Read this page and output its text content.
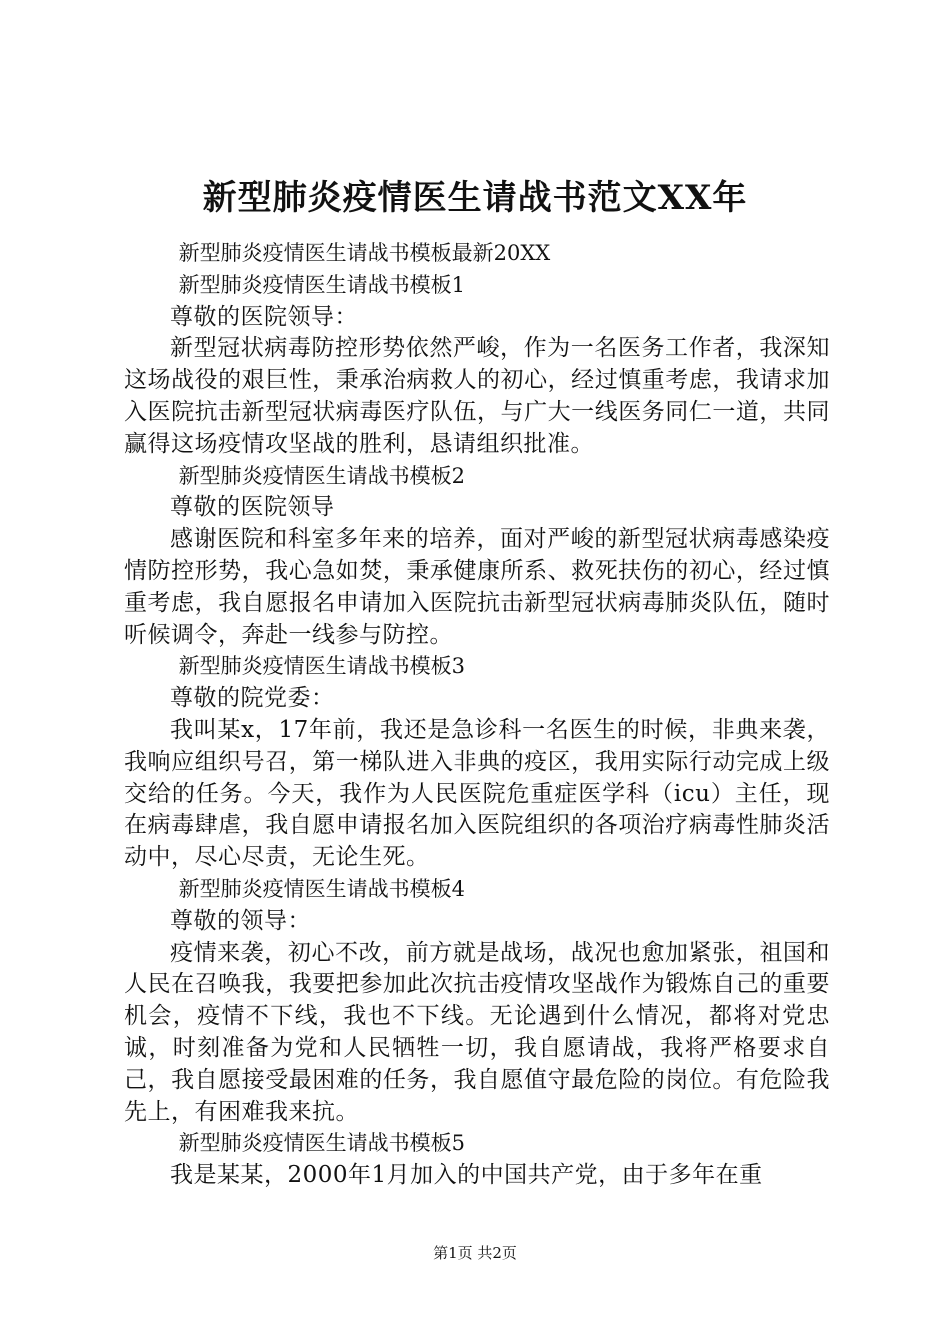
新型肺炎疫情医生请战书范文XX年

新型肺炎疫情医生请战书模板最新20XX

新型肺炎疫情医生请战书模板1

尊敬的医院领导：

新型冠状病毒防控形势依然严峻，作为一名医务工作者，我深知这场战役的艰巨性，秉承治病救人的初心，经过慎重考虑，我请求加入医院抗击新型冠状病毒医疗队伍，与广大一线医务同仁一道，共同赢得这场疫情攻坚战的胜利，恳请组织批准。

新型肺炎疫情医生请战书模板2

尊敬的医院领导

感谢医院和科室多年来的培养，面对严峻的新型冠状病毒感染疫情防控形势，我心急如焚，秉承健康所系、救死扶伤的初心，经过慎重考虑，我自愿报名申请加入医院抗击新型冠状病毒肺炎队伍，随时听候调令，奔赴一线参与防控。

新型肺炎疫情医生请战书模板3

尊敬的院党委：

我叫某x，17年前，我还是急诊科一名医生的时候，非典来袭，我响应组织号召，第一梯队进入非典的疫区，我用实际行动完成上级交给的任务。今天，我作为人民医院危重症医学科（icu）主任，现在病毒肆虐，我自愿申请报名加入医院组织的各项治疗病毒性肺炎活动中，尽心尽责，无论生死。

新型肺炎疫情医生请战书模板4

尊敬的领导：

疫情来袭，初心不改，前方就是战场，战况也愈加紧张，祖国和人民在召唤我，我要把参加此次抗击疫情攻坚战作为锻炼自己的重要机会，疫情不下线，我也不下线。无论遇到什么情况，都将对党忠诚，时刻准备为党和人民牺牲一切，我自愿请战，我将严格要求自己，我自愿接受最困难的任务，我自愿值守最危险的岗位。有危险我先上，有困难我来抗。

新型肺炎疫情医生请战书模板5

我是某某，2000年1月加入的中国共产党，由于多年在重

第1页 共2页
